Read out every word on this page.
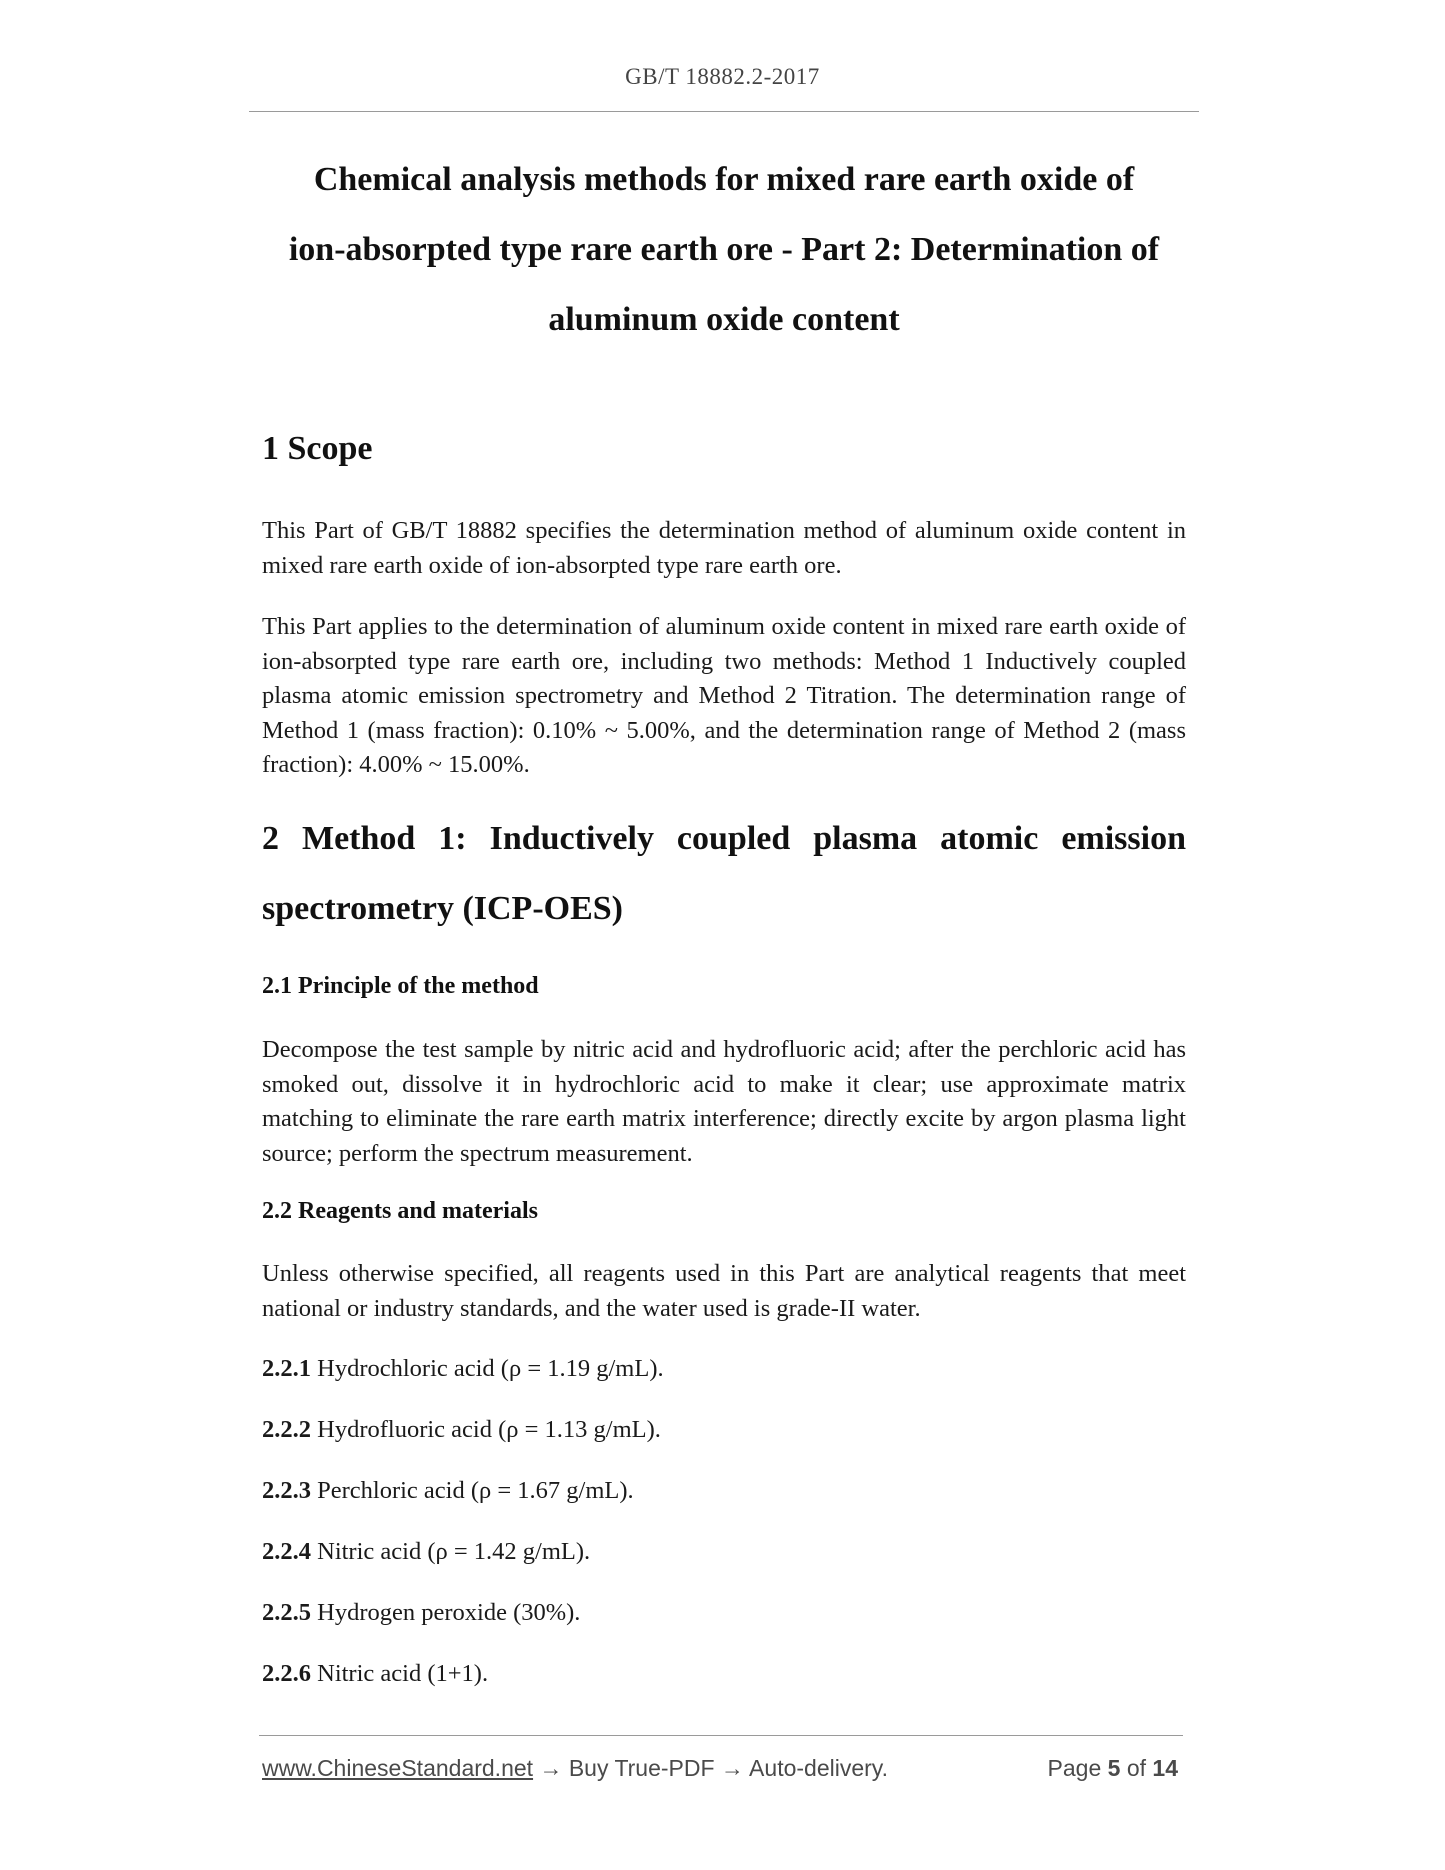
GB/T 18882.2-2017
Chemical analysis methods for mixed rare earth oxide of
ion-absorpted type rare earth ore - Part 2: Determination of
aluminum oxide content
1 Scope
This Part of GB/T 18882 specifies the determination method of aluminum oxide content in mixed rare earth oxide of ion-absorpted type rare earth ore.
This Part applies to the determination of aluminum oxide content in mixed rare earth oxide of ion-absorpted type rare earth ore, including two methods: Method 1 Inductively coupled plasma atomic emission spectrometry and Method 2 Titration. The determination range of Method 1 (mass fraction): 0.10% ~ 5.00%, and the determination range of Method 2 (mass fraction): 4.00% ~ 15.00%.
2 Method 1: Inductively coupled plasma atomic emission
spectrometry (ICP-OES)
2.1 Principle of the method
Decompose the test sample by nitric acid and hydrofluoric acid; after the perchloric acid has smoked out, dissolve it in hydrochloric acid to make it clear; use approximate matrix matching to eliminate the rare earth matrix interference; directly excite by argon plasma light source; perform the spectrum measurement.
2.2 Reagents and materials
Unless otherwise specified, all reagents used in this Part are analytical reagents that meet national or industry standards, and the water used is grade-II water.
2.2.1 Hydrochloric acid (ρ = 1.19 g/mL).
2.2.2 Hydrofluoric acid (ρ = 1.13 g/mL).
2.2.3 Perchloric acid (ρ = 1.67 g/mL).
2.2.4 Nitric acid (ρ = 1.42 g/mL).
2.2.5 Hydrogen peroxide (30%).
2.2.6 Nitric acid (1+1).
www.ChineseStandard.net → Buy True-PDF → Auto-delivery.	Page 5 of 14
